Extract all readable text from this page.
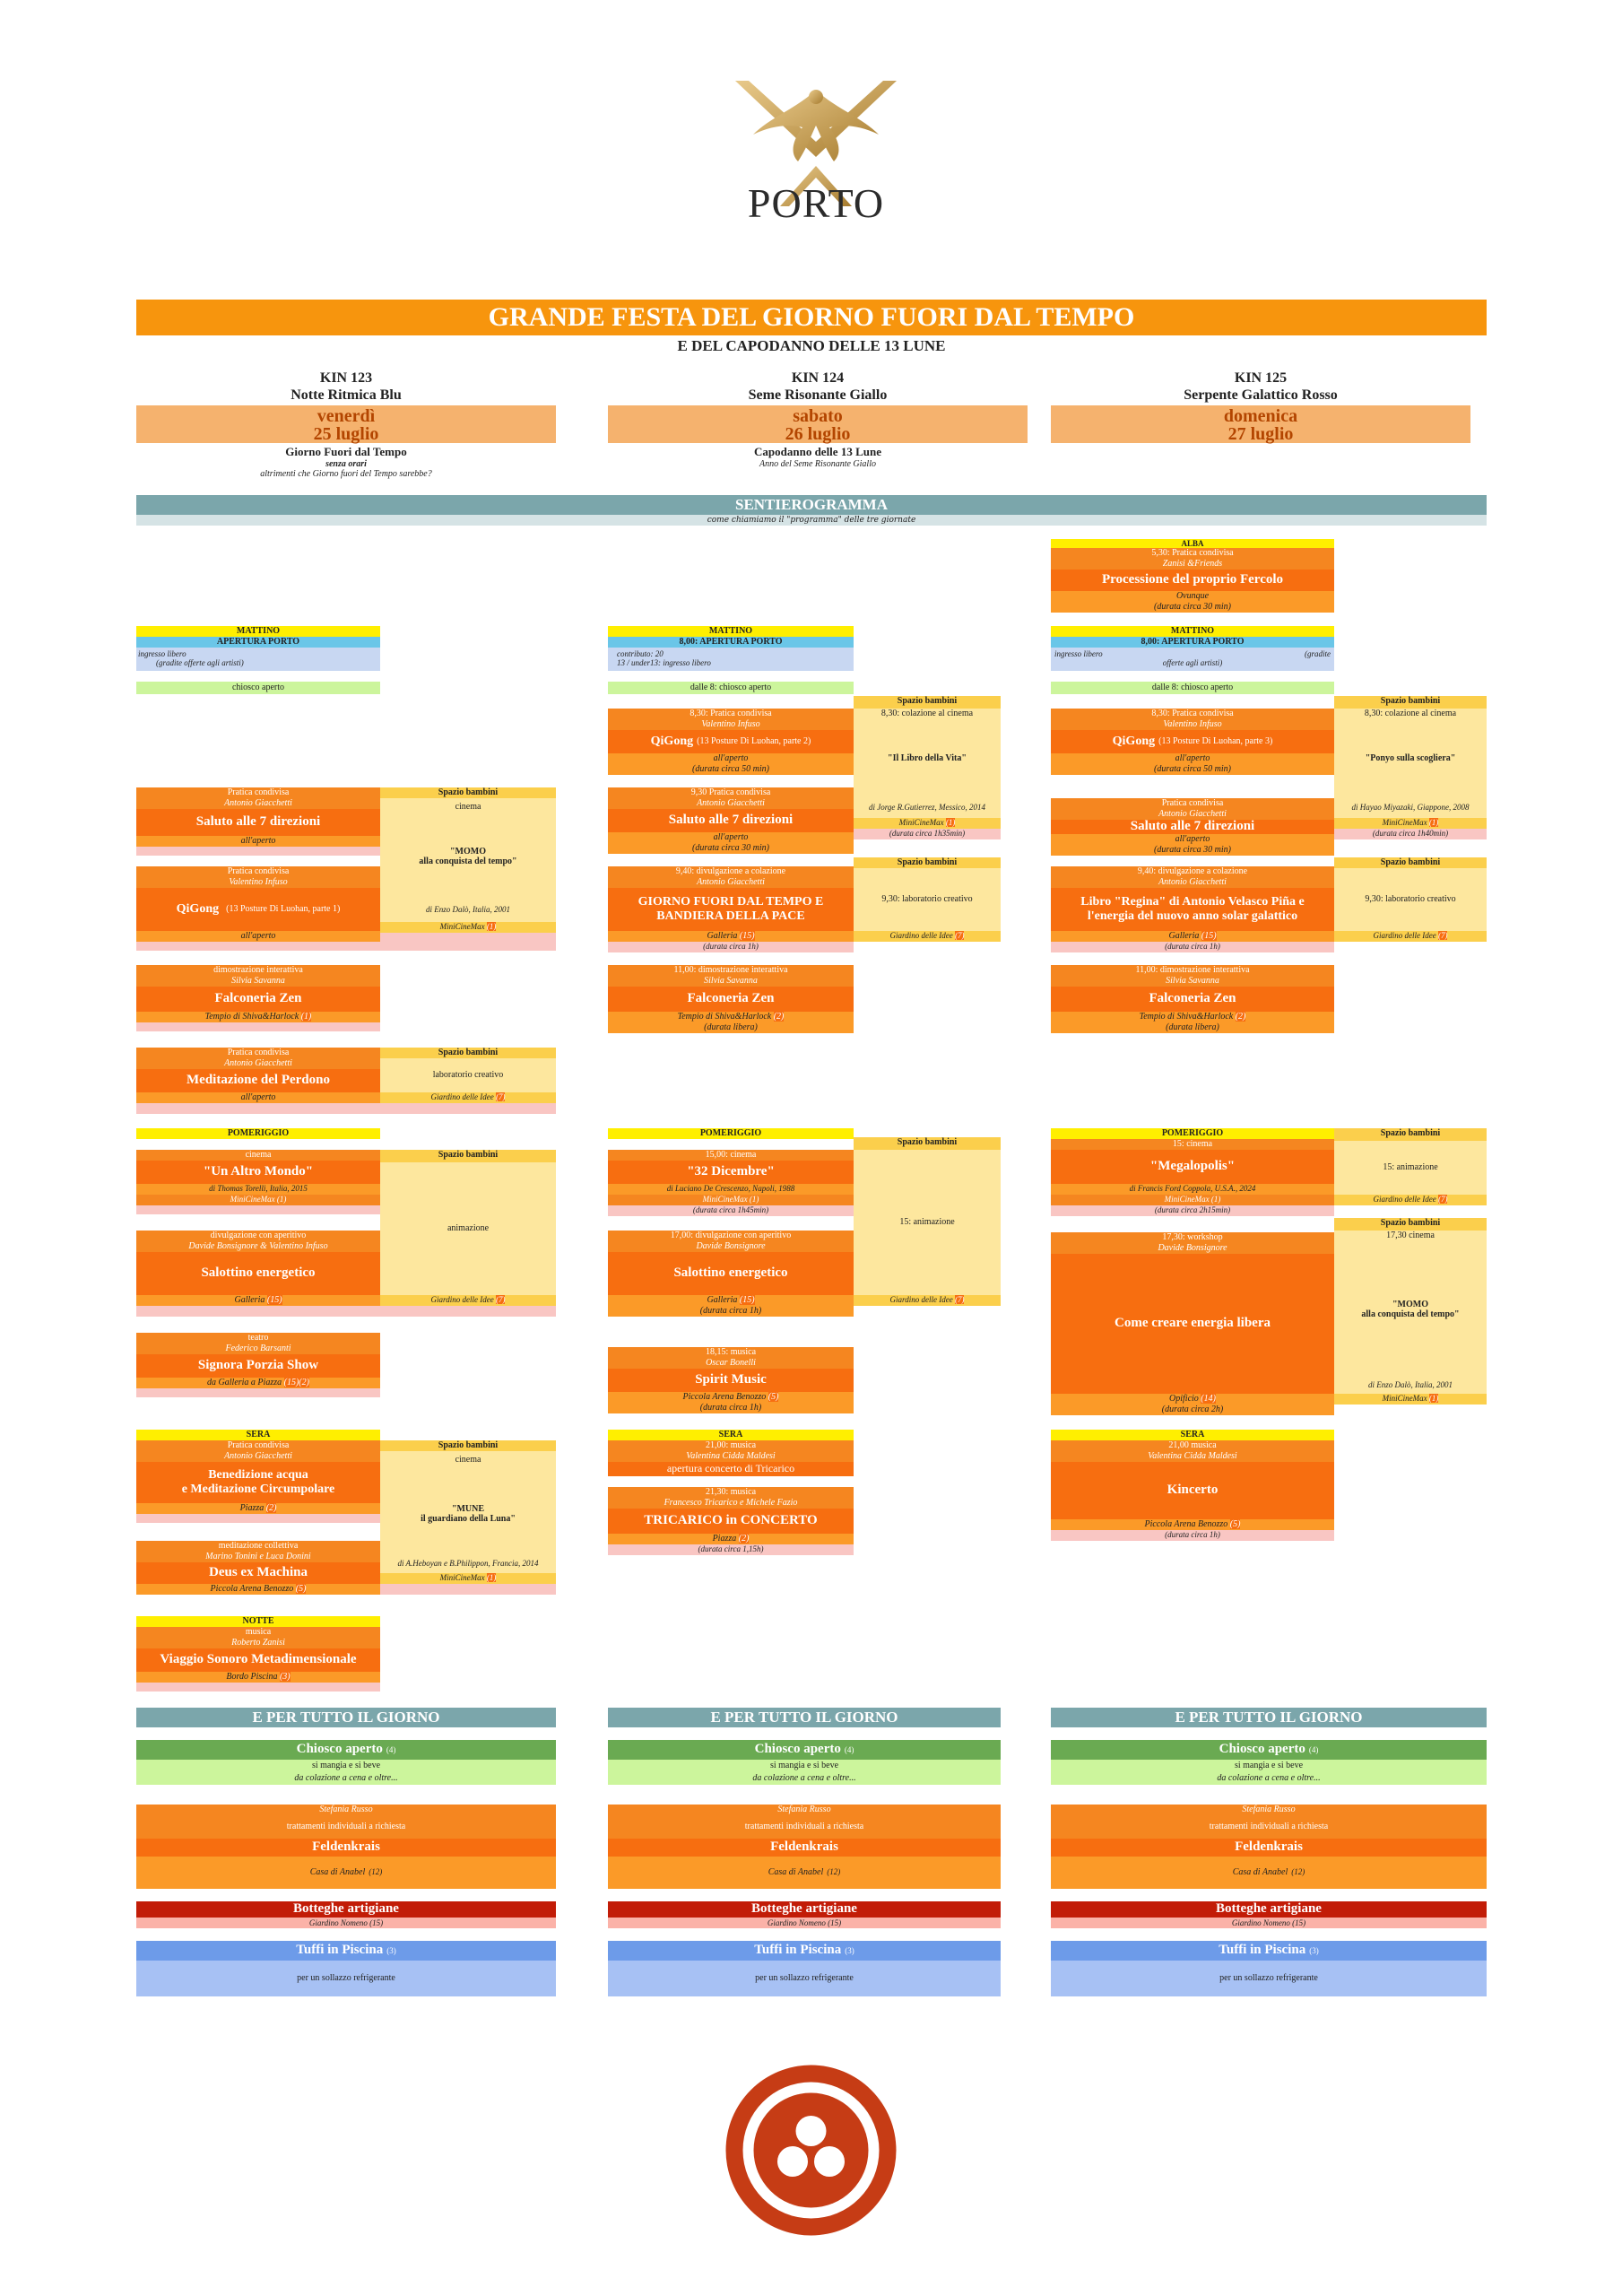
PORTO
GRANDE FESTA DEL GIORNO FUORI DAL TEMPO
E DEL CAPODANNO DELLE 13 LUNE
KIN 123
Notte Ritmica Blu
venerdì
25 luglio
Giorno Fuori dal Tempo
senza orari
altrimenti che Giorno fuori del Tempo sarebbe?
KIN 124
Seme Risonante Giallo
sabato
26 luglio
Capodanno delle 13 Lune
Anno del Seme Risonante Giallo
KIN 125
Serpente Galattico Rosso
domenica
27 luglio
SENTIEROGRAMMA
come chiamiamo il "programma" delle tre giornate
ALBA
5,30: Pratica condivisa
Zanisi &Friends
Processione del proprio Fercolo
Ovunque
(durata circa 30 min)
MATTINO
APERTURA PORTO
ingresso libero
(gradite offerte agli artisti)
chiosco aperto
Pratica condivisa
Antonio Giacchetti
Saluto alle 7 direzioni
all'aperto
Spazio bambini
cinema
"MOMO
alla conquista del tempo"
di Enzo Dalò, Italia, 2001
MiniCineMax (1)
Pratica condivisa
Valentino Infuso
QiGong
(13 Posture Di Luohan, parte 1)
all'aperto
dimostrazione interattiva
Silvia Savanna
Falconeria Zen
Tempio di Shiva&Harlock (1)
Pratica condivisa
Antonio Giacchetti
Meditazione del Perdono
all'aperto
Spazio bambini
laboratorio creativo
Giardino delle Idee (7)
POMERIGGIO
cinema
"Un Altro Mondo"
di Thomas Torelli, Italia, 2015
MiniCineMax (1)
Spazio bambini
animazione
Giardino delle Idee (7)
divulgazione con aperitivo
Davide Bonsignore & Valentino Infuso
Salottino energetico
Galleria (15)
teatro
Federico Barsanti
Signora Porzia Show
da Galleria a Piazza (15)(2)
SERA
Pratica condivisa
Antonio Giacchetti
Benedizione acqua
e Meditazione Circumpolare
Piazza (2)
Spazio bambini
cinema
"MUNE
il guardiano della Luna"
di A.Heboyan e B.Philippon, Francia, 2014
MiniCineMax (1)
meditazione collettiva
Marino Tonini e Luca Donini
Deus ex Machina
Piccola Arena Benozzo (5)
NOTTE
musica
Roberto Zanisi
Viaggio Sonoro Metadimensionale
Bordo Piscina (3)
MATTINO
8,00: APERTURA PORTO
contributo: 20
13 / under13: ingresso libero
dalle 8: chiosco aperto
8,30: Pratica condivisa
Valentino Infuso
QiGong
(13 Posture Di Luohan, parte 2)
all'aperto
(durata circa 50 min)
Spazio bambini
8,30: colazione al cinema
"Il Libro della Vita"
di Jorge R.Gutierrez, Messico, 2014
MiniCineMax (1)
(durata circa 1h35min)
9,30 Pratica condivisa
Antonio Giacchetti
Saluto alle 7 direzioni
all'aperto
(durata circa 30 min)
9,40: divulgazione a colazione
Antonio Giacchetti
GIORNO FUORI DAL TEMPO E
BANDIERA DELLA PACE
Galleria (15)
(durata circa 1h)
Spazio bambini
9,30: laboratorio creativo
Giardino delle Idee (7)
11,00: dimostrazione interattiva
Silvia Savanna
Falconeria Zen
Tempio di Shiva&Harlock (2)
(durata libera)
POMERIGGIO
15,00: cinema
"32 Dicembre"
di Luciano De Crescenzo, Napoli, 1988
MiniCineMax (1)
(durata circa 1h45min)
Spazio bambini
15: animazione
Giardino delle Idee (7)
17,00: divulgazione con aperitivo
Davide Bonsignore
Salottino energetico
Galleria (15)
(durata circa 1h)
18,15: musica
Oscar Bonelli
Spirit Music
Piccola Arena Benozzo (5)
(durata circa 1h)
SERA
21,00: musica
Valentina Cidda Maldesi
apertura concerto di Tricarico
21,30: musica
Francesco Tricarico e Michele Fazio
TRICARICO in CONCERTO
Piazza (2)
(durata circa 1,15h)
MATTINO
8,00: APERTURA PORTO
ingresso libero	(gradite
offerte agli artisti)
dalle 8: chiosco aperto
8,30: Pratica condivisa
Valentino Infuso
QiGong
(13 Posture Di Luohan, parte 3)
all'aperto
(durata circa 50 min)
Spazio bambini
8,30: colazione al cinema
"Ponyo sulla scogliera"
di Hayao Miyazaki, Giappone, 2008
MiniCineMax (1)
(durata circa 1h40min)
Pratica condivisa
Antonio Giacchetti
Saluto alle 7 direzioni
all'aperto
(durata circa 30 min)
9,40: divulgazione a colazione
Antonio Giacchetti
Libro "Regina" di Antonio Velasco Piña e
l'energia del nuovo anno solar galattico
Galleria (15)
(durata circa 1h)
Spazio bambini
9,30: laboratorio creativo
Giardino delle Idee (7)
11,00: dimostrazione interattiva
Silvia Savanna
Falconeria Zen
Tempio di Shiva&Harlock (2)
(durata libera)
POMERIGGIO
15: cinema
"Megalopolis"
di Francis Ford Coppola, U.S.A., 2024
MiniCineMax (1)
(durata circa 2h15min)
Spazio bambini
15: animazione
Giardino delle Idee (7)
17,30: workshop
Davide Bonsignore
Come creare energia libera
Opificio (14)
(durata circa 2h)
Spazio bambini
17,30 cinema
"MOMO
alla conquista del tempo"
di Enzo Dalò, Italia, 2001
MiniCineMax (1)
SERA
21,00 musica
Valentina Cidda Maldesi
Kincerto
Piccola Arena Benozzo (5)
(durata circa 1h)
E PER TUTTO IL GIORNO
Chiosco aperto (4)
si mangia e si beve
da colazione a cena e oltre...
Stefania Russo
trattamenti individuali a richiesta
Feldenkrais
Casa di Anabel (12)
Botteghe artigiane
Giardino Nomeno (15)
Tuffi in Piscina (3)
per un sollazzo refrigerante
E PER TUTTO IL GIORNO
Chiosco aperto (4)
si mangia e si beve
da colazione a cena e oltre...
Stefania Russo
trattamenti individuali a richiesta
Feldenkrais
Casa di Anabel (12)
Botteghe artigiane
Giardino Nomeno (15)
Tuffi in Piscina (3)
per un sollazzo refrigerante
E PER TUTTO IL GIORNO
Chiosco aperto (4)
si mangia e si beve
da colazione a cena e oltre...
Stefania Russo
trattamenti individuali a richiesta
Feldenkrais
Casa di Anabel (12)
Botteghe artigiane
Giardino Nomeno (15)
Tuffi in Piscina (3)
per un sollazzo refrigerante
